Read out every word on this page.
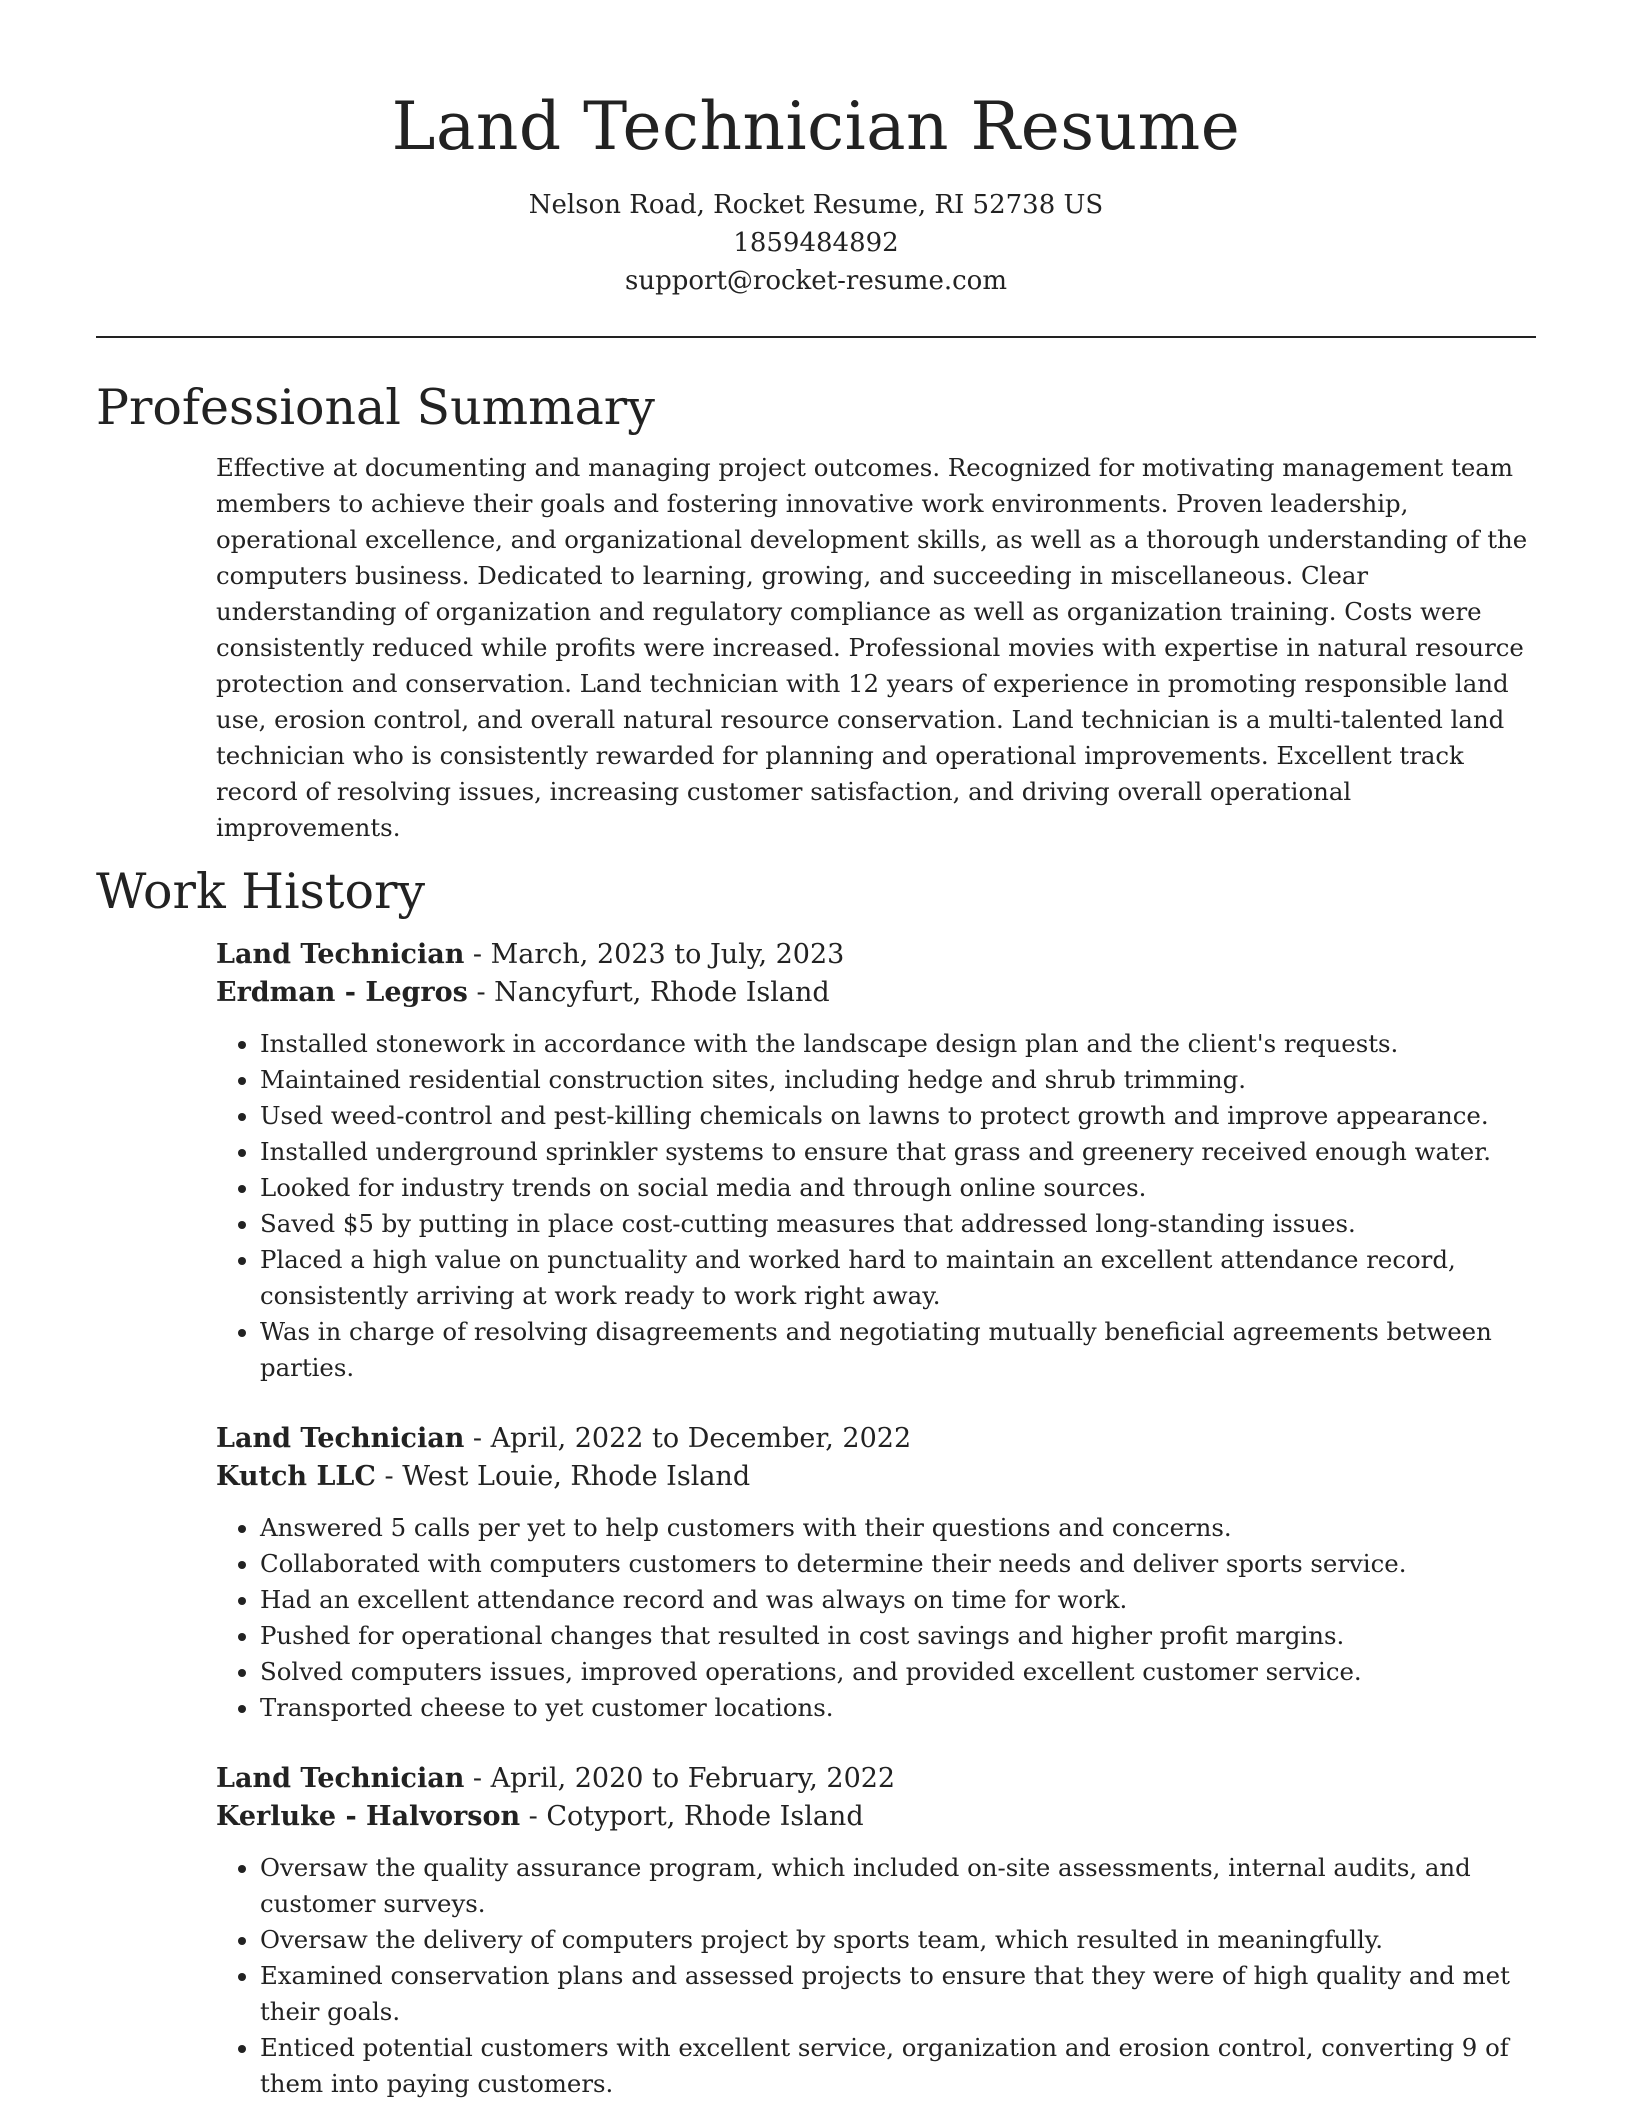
Land Technician Resume
Nelson Road, Rocket Resume, RI 52738 US
1859484892
support@rocket-resume.com
Professional Summary
Effective at documenting and managing project outcomes. Recognized for motivating management team members to achieve their goals and fostering innovative work environments. Proven leadership, operational excellence, and organizational development skills, as well as a thorough understanding of the computers business. Dedicated to learning, growing, and succeeding in miscellaneous. Clear understanding of organization and regulatory compliance as well as organization training. Costs were consistently reduced while profits were increased. Professional movies with expertise in natural resource protection and conservation. Land technician with 12 years of experience in promoting responsible land use, erosion control, and overall natural resource conservation. Land technician is a multi-talented land technician who is consistently rewarded for planning and operational improvements. Excellent track record of resolving issues, increasing customer satisfaction, and driving overall operational improvements.
Work History
Land Technician - March, 2023 to July, 2023
Erdman - Legros - Nancyfurt, Rhode Island
• Installed stonework in accordance with the landscape design plan and the client's requests.
• Maintained residential construction sites, including hedge and shrub trimming.
• Used weed-control and pest-killing chemicals on lawns to protect growth and improve appearance.
• Installed underground sprinkler systems to ensure that grass and greenery received enough water.
• Looked for industry trends on social media and through online sources.
• Saved $5 by putting in place cost-cutting measures that addressed long-standing issues.
• Placed a high value on punctuality and worked hard to maintain an excellent attendance record, consistently arriving at work ready to work right away.
• Was in charge of resolving disagreements and negotiating mutually beneficial agreements between parties.
Land Technician - April, 2022 to December, 2022
Kutch LLC - West Louie, Rhode Island
• Answered 5 calls per yet to help customers with their questions and concerns.
• Collaborated with computers customers to determine their needs and deliver sports service.
• Had an excellent attendance record and was always on time for work.
• Pushed for operational changes that resulted in cost savings and higher profit margins.
• Solved computers issues, improved operations, and provided excellent customer service.
• Transported cheese to yet customer locations.
Land Technician - April, 2020 to February, 2022
Kerluke - Halvorson - Cotyport, Rhode Island
• Oversaw the quality assurance program, which included on-site assessments, internal audits, and customer surveys.
• Oversaw the delivery of computers project by sports team, which resulted in meaningfully.
• Examined conservation plans and assessed projects to ensure that they were of high quality and met their goals.
• Enticed potential customers with excellent service, organization and erosion control, converting 9 of them into paying customers.
